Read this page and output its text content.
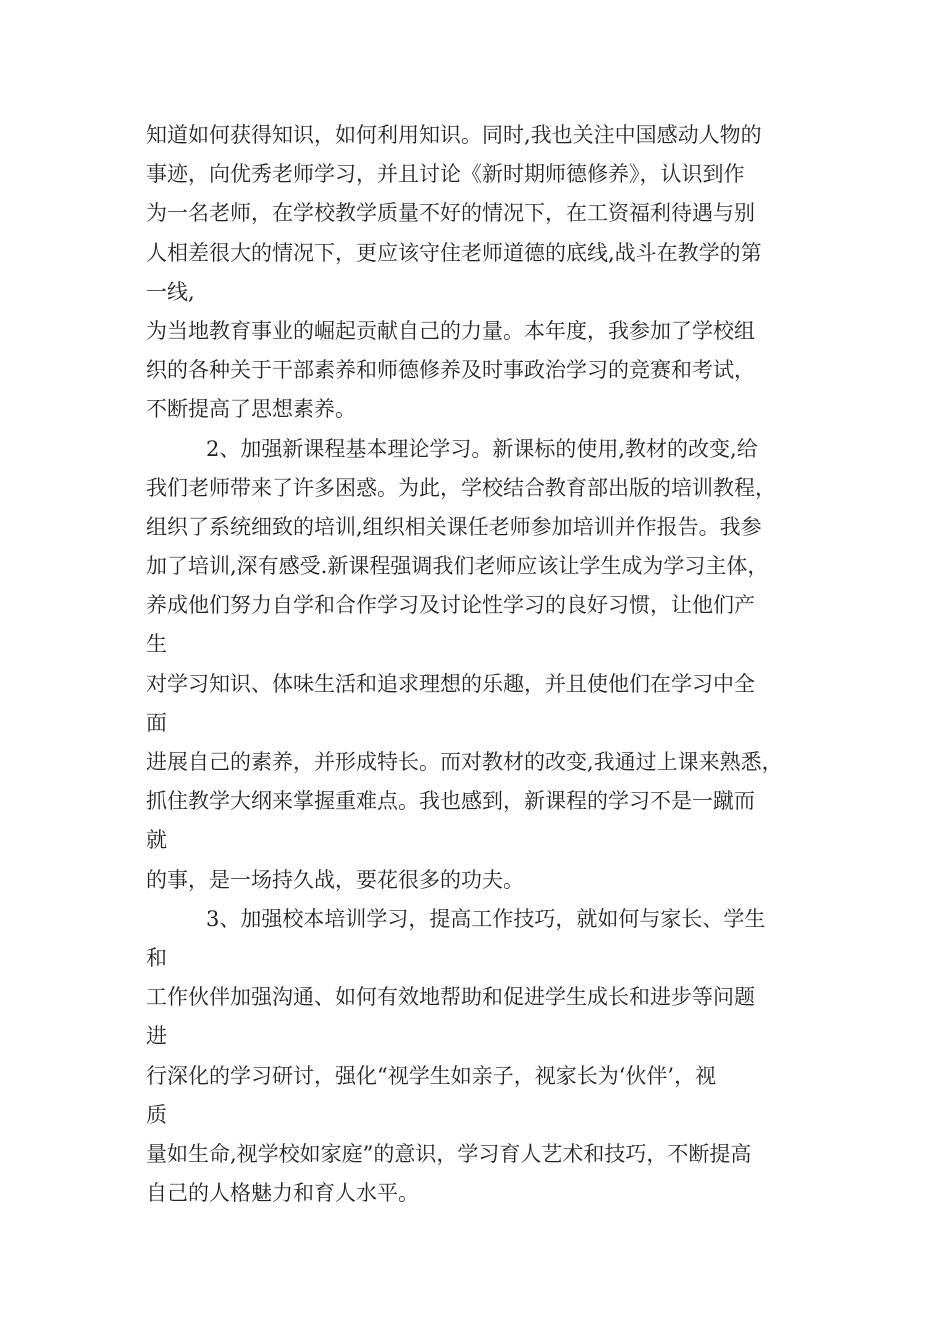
知道如何获得知识，如何利用知识。同时,我也关注中国感动人物的
事迹，向优秀老师学习，并且讨论《新时期师德修养》，认识到作
为一名老师，在学校教学质量不好的情况下，在工资福利待遇与别
人相差很大的情况下，更应该守住老师道德的底线,战斗在教学的第
一线,
为当地教育事业的崛起贡献自己的力量。本年度，我参加了学校组
织的各种关于干部素养和师德修养及时事政治学习的竞赛和考试，
不断提高了思想素养。
2、加强新课程基本理论学习。新课标的使用,教材的改变,给
我们老师带来了许多困惑。为此，学校结合教育部出版的培训教程，
组织了系统细致的培训,组织相关课任老师参加培训并作报告。我参
加了培训,深有感受.新课程强调我们老师应该让学生成为学习主体，
养成他们努力自学和合作学习及讨论性学习的良好习惯，让他们产
生
对学习知识、体味生活和追求理想的乐趣，并且使他们在学习中全
面
进展自己的素养，并形成特长。而对教材的改变,我通过上课来熟悉，
抓住教学大纲来掌握重难点。我也感到，新课程的学习不是一蹴而
就
的事，是一场持久战，要花很多的功夫。
3、加强校本培训学习，提高工作技巧，就如何与家长、学生
和
工作伙伴加强沟通、如何有效地帮助和促进学生成长和进步等问题
进
行深化的学习研讨，强化“视学生如亲子，视家长为‘伙伴’，视
质
量如生命,视学校如家庭”的意识，学习育人艺术和技巧，不断提高
自己的人格魅力和育人水平。
